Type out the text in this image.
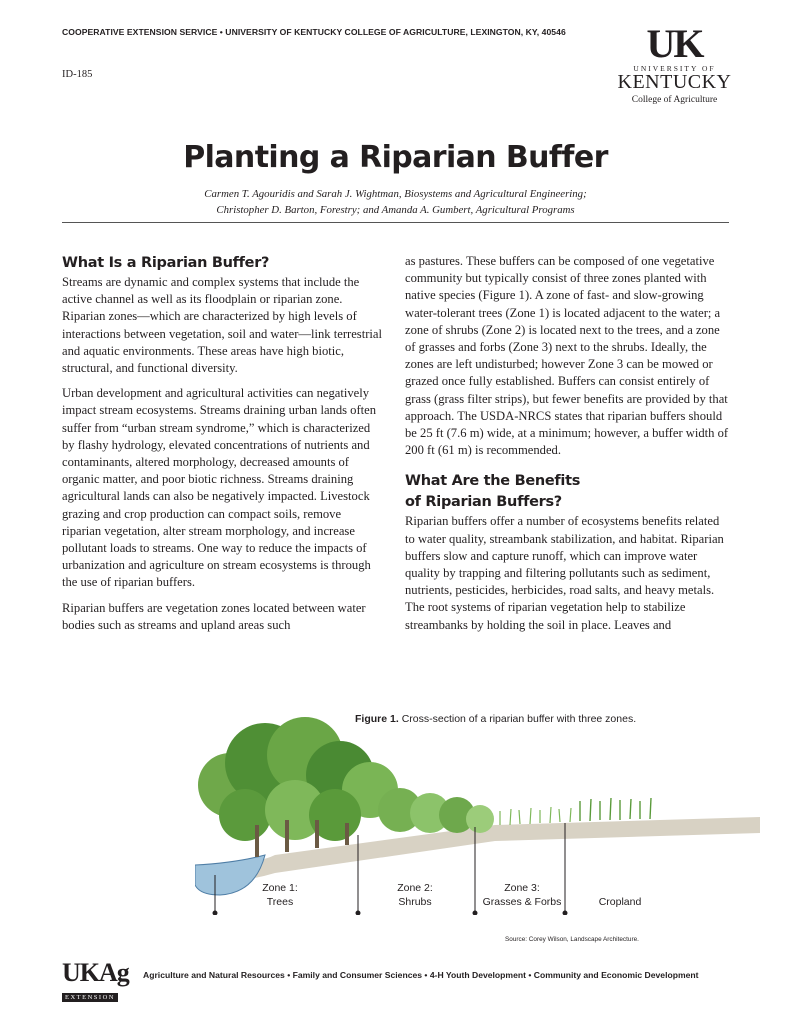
COOPERATIVE EXTENSION SERVICE • UNIVERSITY OF KENTUCKY COLLEGE OF AGRICULTURE, LEXINGTON, KY, 40546
ID-185
UK
UNIVERSITY OF
KENTUCKY
College of Agriculture
Planting a Riparian Buffer
Carmen T. Agouridis and Sarah J. Wightman, Biosystems and Agricultural Engineering;
Christopher D. Barton, Forestry; and Amanda A. Gumbert, Agricultural Programs
What Is a Riparian Buffer?

Streams are dynamic and complex systems that include the active channel as well as its floodplain or riparian zone. Riparian zones—which are characterized by high levels of interactions between vegetation, soil and water—link terrestrial and aquatic environments. These areas have high biotic, structural, and functional diversity.

Urban development and agricultural activities can negatively impact stream ecosystems. Streams draining urban lands often suffer from “urban stream syndrome,” which is characterized by flashy hydrology, elevated concentrations of nutrients and contaminants, altered morphology, decreased amounts of organic matter, and poor biotic richness. Streams draining agricultural lands can also be negatively impacted. Livestock grazing and crop production can compact soils, remove riparian vegetation, alter stream morphology, and increase pollutant loads to streams. One way to reduce the impacts of urbanization and agriculture on stream ecosystems is through the use of riparian buffers.

Riparian buffers are vegetation zones located between water bodies such as streams and upland areas such

as pastures. These buffers can be composed of one vegetative community but typically consist of three zones planted with native species (Figure 1). A zone of fast- and slow-growing water-tolerant trees (Zone 1) is located adjacent to the water; a zone of shrubs (Zone 2) is located next to the trees, and a zone of grasses and forbs (Zone 3) next to the shrubs. Ideally, the zones are left undisturbed; however Zone 3 can be mowed or grazed once fully established. Buffers can consist entirely of grass (grass filter strips), but fewer benefits are provided by that approach. The USDA-NRCS states that riparian buffers should be 25 ft (7.6 m) wide, at a minimum; however, a buffer width of 200 ft (61 m) is recommended.

What Are the Benefits
of Riparian Buffers?

Riparian buffers offer a number of ecosystems benefits related to water quality, streambank stabilization, and habitat. Riparian buffers slow and capture runoff, which can improve water quality by trapping and filtering pollutants such as sediment, nutrients, pesticides, herbicides, road salts, and heavy metals. The root systems of riparian vegetation help to stabilize streambanks by holding the soil in place. Leaves and

Figure 1. Cross-section of a riparian buffer with three zones.
Zone 1:
Trees
Zone 2:
Shrubs
Zone 3:
Grasses & Forbs	Cropland
Source: Corey Wilson, Landscape Architecture.
UKAg
EXTENSION
Agriculture and Natural Resources • Family and Consumer Sciences • 4-H Youth Development • Community and Economic Development
